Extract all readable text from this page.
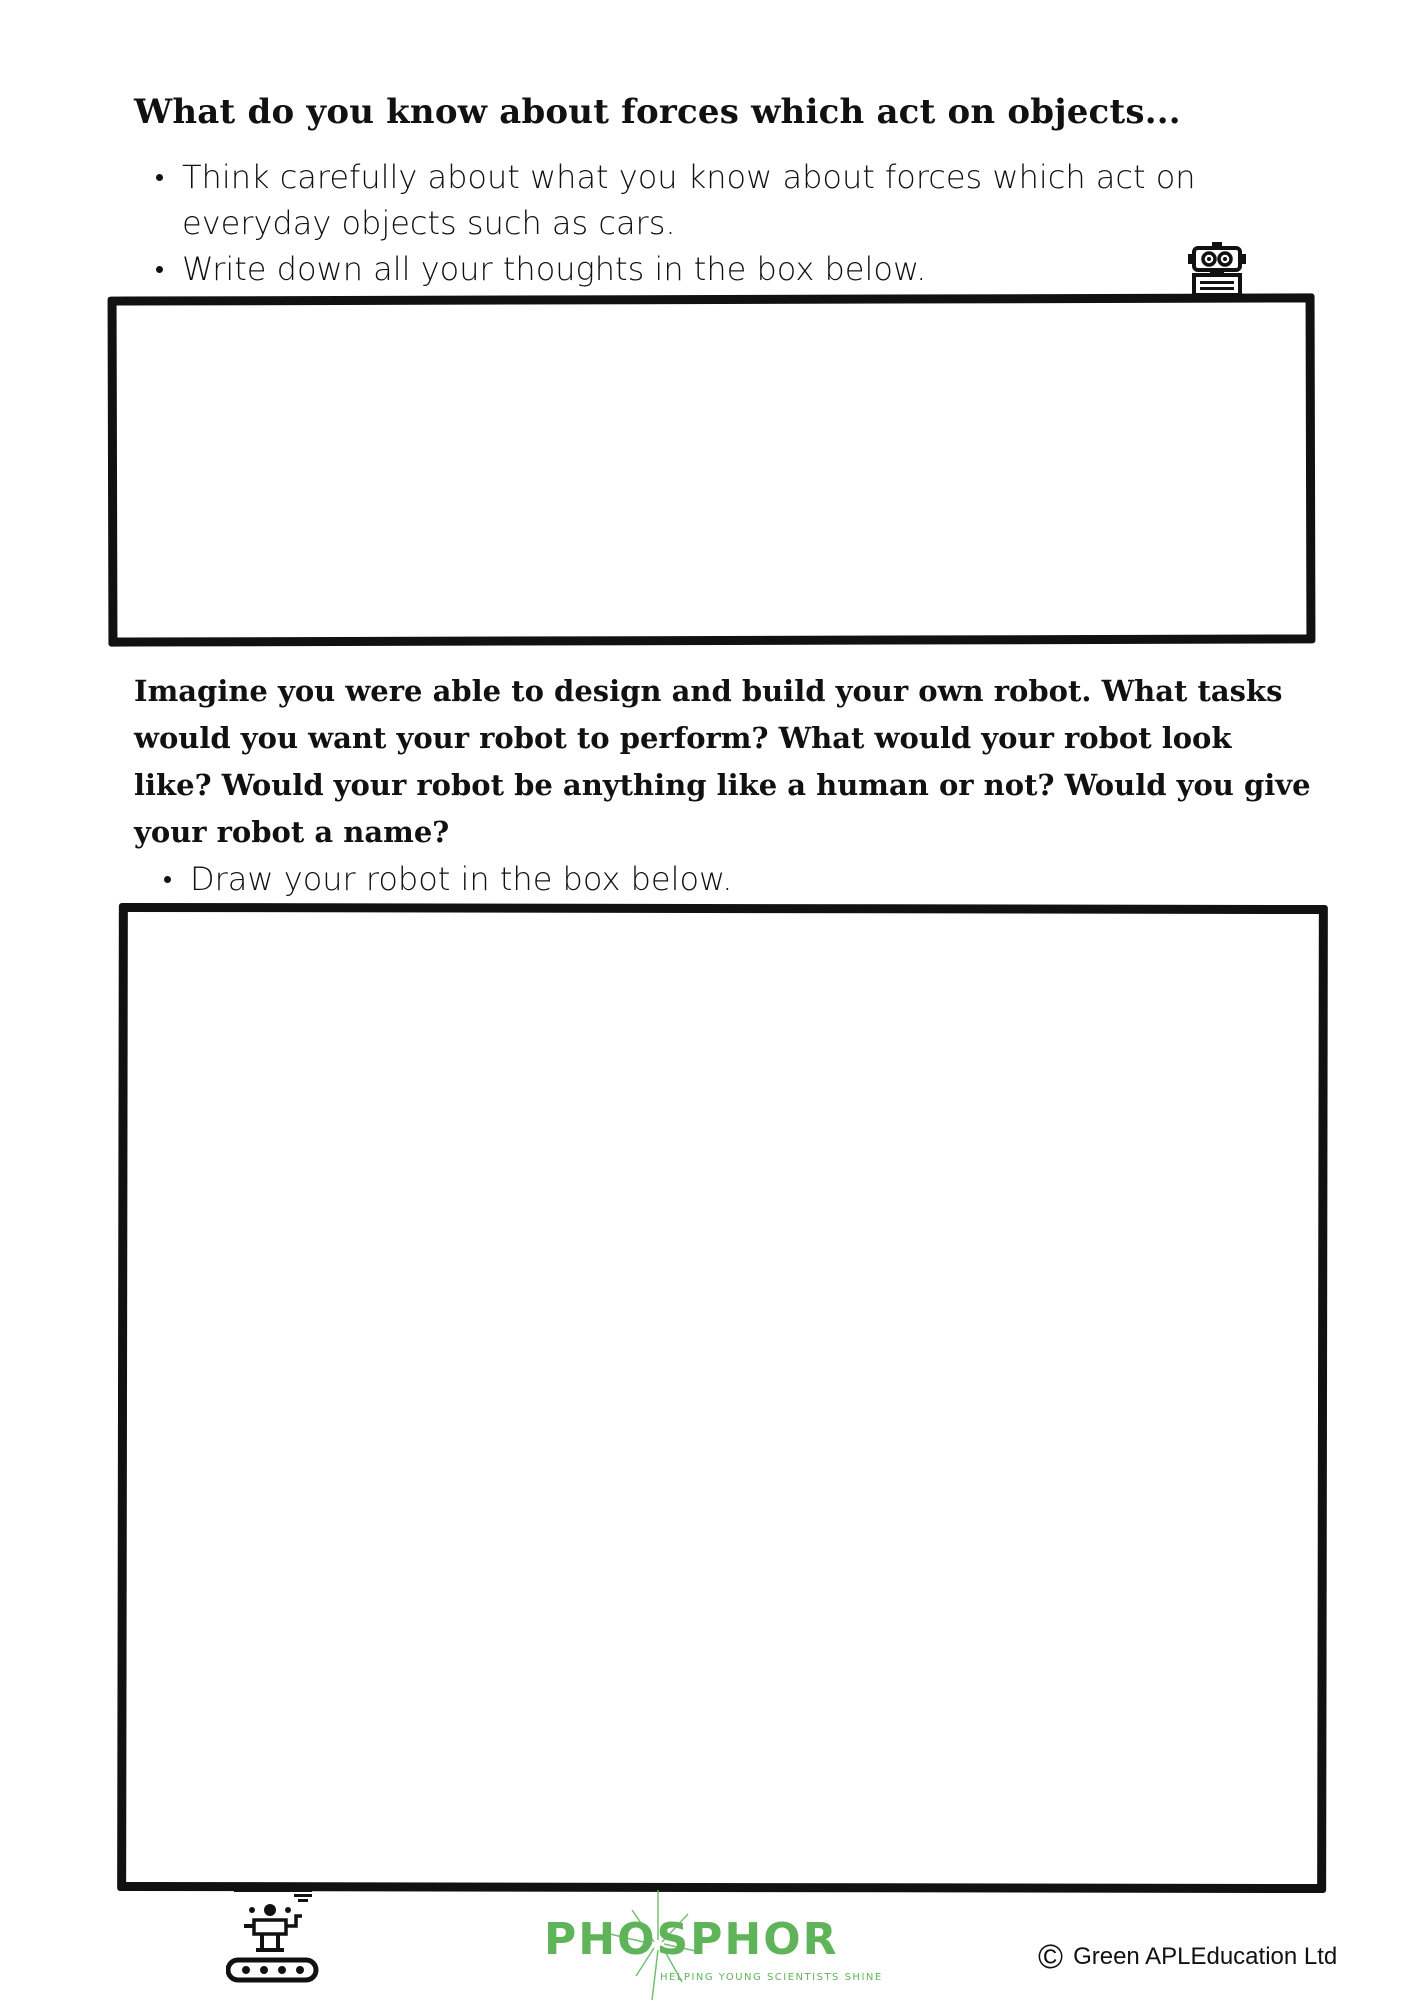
What do you know about forces which act on objects...
Think carefully about what you know about forces which act on everyday objects such as cars.
Write down all your thoughts in the box below.

Imagine you were able to design and build your own robot. What tasks would you want your robot to perform? What would your robot look like? Would your robot be anything like a human or not? Would you give your robot a name?

Draw your robot in the box below.
PHOSPHOR
HELPING YOUNG SCIENTISTS SHINE
© Green APLEducation Ltd
